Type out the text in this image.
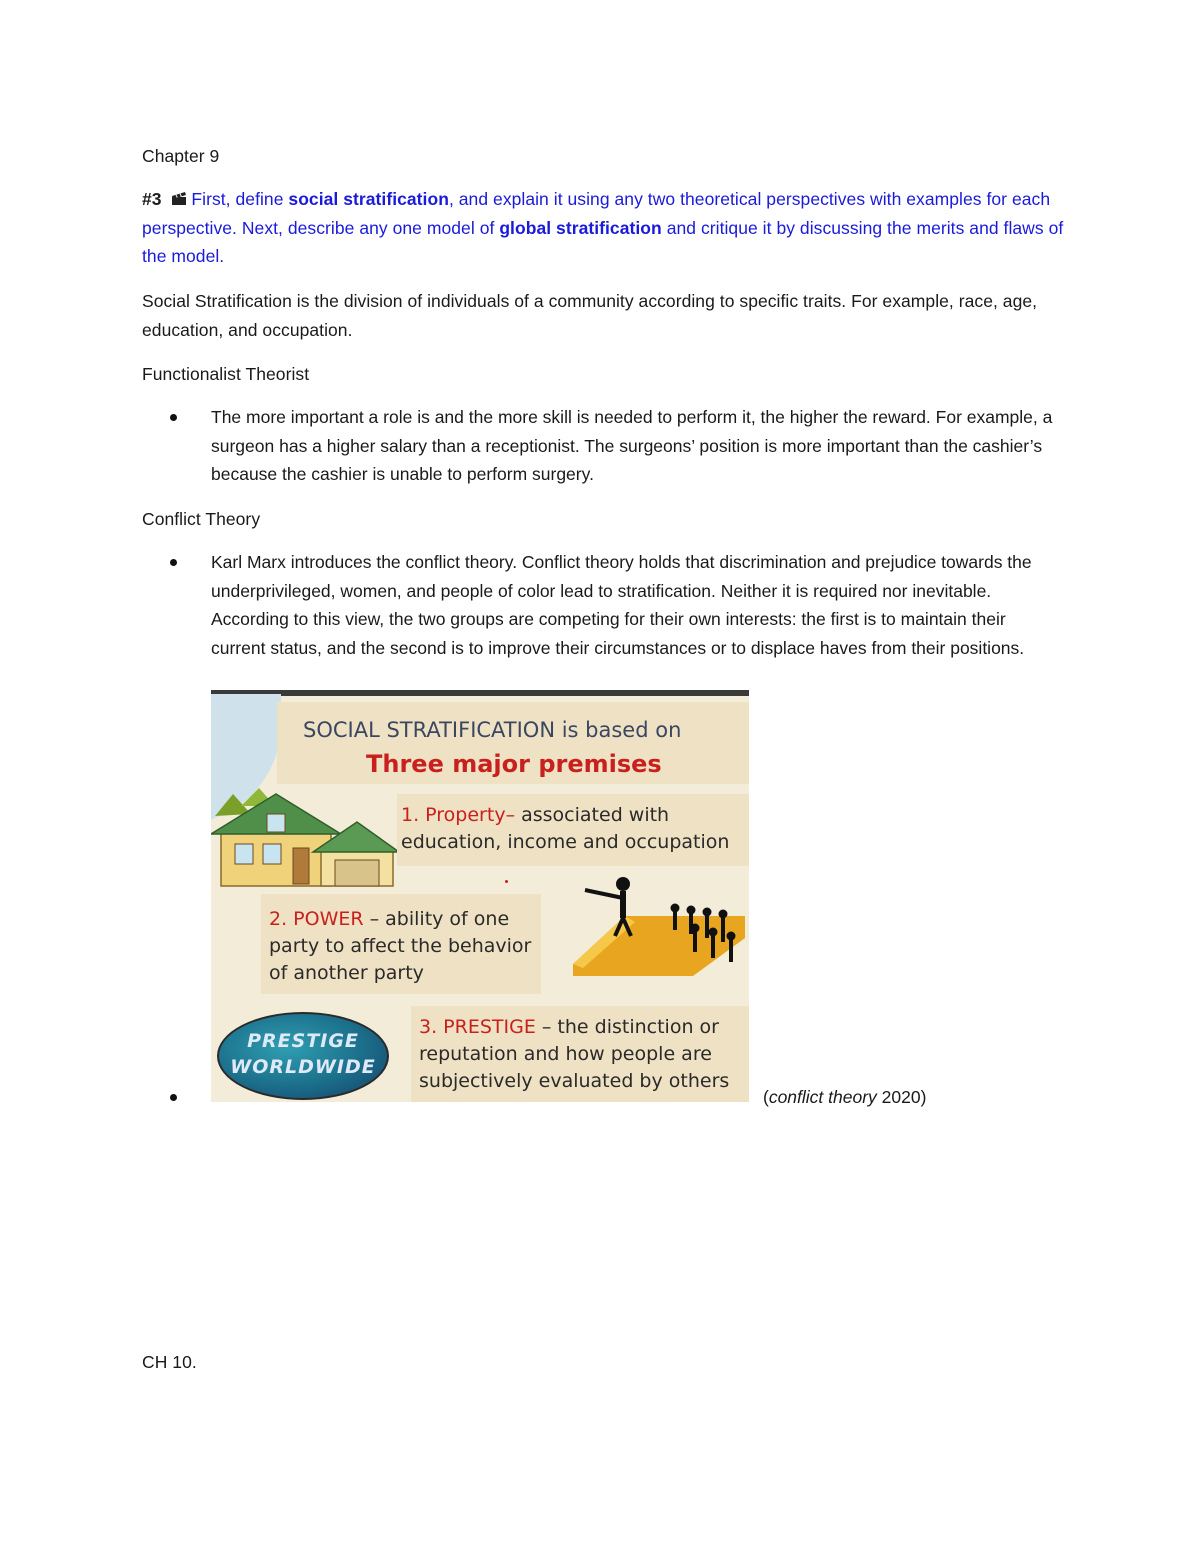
Chapter 9
#3  First, define social stratification, and explain it using any two theoretical perspectives with examples for each perspective. Next, describe any one model of global stratification and critique it by discussing the merits and flaws of the model.
Social Stratification is the division of individuals of a community according to specific traits. For example, race, age, education, and occupation.
Functionalist Theorist
The more important a role is and the more skill is needed to perform it, the higher the reward. For example, a surgeon has a higher salary than a receptionist. The surgeons’ position is more important than the cashier’s because the cashier is unable to perform surgery.
Conflict Theory
Karl Marx introduces the conflict theory. Conflict theory holds that discrimination and prejudice towards the underprivileged, women, and people of color lead to stratification. Neither it is required nor inevitable. According to this view, the two groups are competing for their own interests: the first is to maintain their current status, and the second is to improve their circumstances or to displace haves from their positions.
SOCIAL STRATIFICATION is based on
Three major premises
1. Property– associated with
education, income and occupation
2. POWER – ability of one
party to affect the behavior
of another party
3. PRESTIGE – the distinction or
reputation and how people are
subjectively evaluated by others
PRESTIGE
WORLDWIDE
(conflict theory 2020)
CH 10.
